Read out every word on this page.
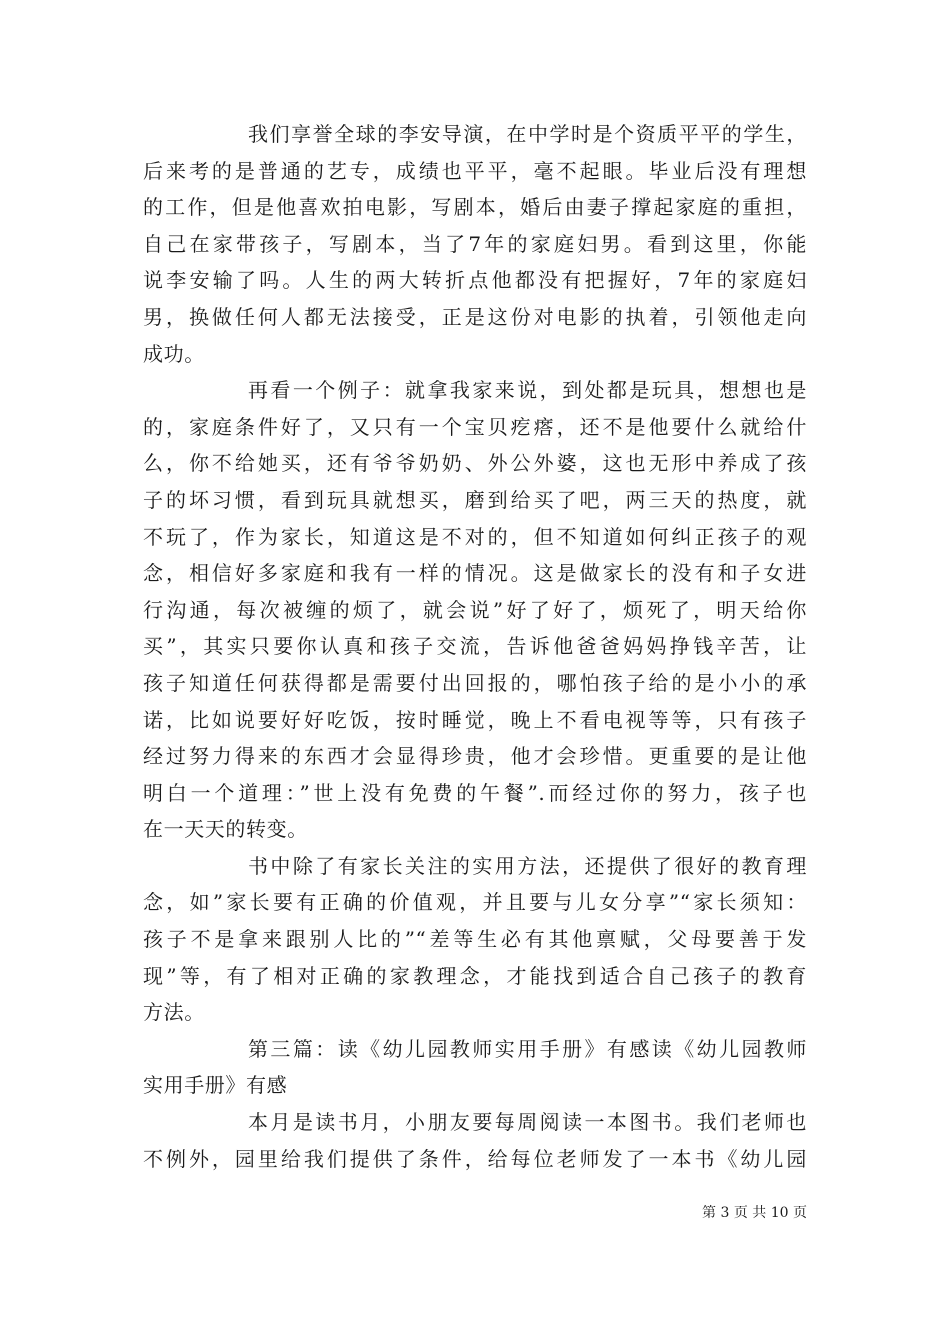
我们享誉全球的李安导演，在中学时是个资质平平的学生，
后来考的是普通的艺专，成绩也平平，毫不起眼。毕业后没有理想
的工作，但是他喜欢拍电影，写剧本，婚后由妻子撑起家庭的重担，
自己在家带孩子，写剧本，当了7年的家庭妇男。看到这里，你能
说李安输了吗。人生的两大转折点他都没有把握好，7年的家庭妇
男，换做任何人都无法接受，正是这份对电影的执着，引领他走向
成功。
再看一个例子：就拿我家来说，到处都是玩具，想想也是
的，家庭条件好了，又只有一个宝贝疙瘩，还不是他要什么就给什
么，你不给她买，还有爷爷奶奶、外公外婆，这也无形中养成了孩
子的坏习惯，看到玩具就想买，磨到给买了吧，两三天的热度，就
不玩了，作为家长，知道这是不对的，但不知道如何纠正孩子的观
念，相信好多家庭和我有一样的情况。这是做家长的没有和子女进
行沟通，每次被缠的烦了，就会说”好了好了，烦死了，明天给你
买”，其实只要你认真和孩子交流，告诉他爸爸妈妈挣钱辛苦，让
孩子知道任何获得都是需要付出回报的，哪怕孩子给的是小小的承
诺，比如说要好好吃饭，按时睡觉，晚上不看电视等等，只有孩子
经过努力得来的东西才会显得珍贵，他才会珍惜。更重要的是让他
明白一个道理：”世上没有免费的午餐”.而经过你的努力，孩子也
在一天天的转变。
书中除了有家长关注的实用方法，还提供了很好的教育理
念，如”家长要有正确的价值观，并且要与儿女分享”“家长须知：
孩子不是拿来跟别人比的”“差等生必有其他禀赋，父母要善于发
现”等，有了相对正确的家教理念，才能找到适合自己孩子的教育
方法。
第三篇：读《幼儿园教师实用手册》有感读《幼儿园教师
实用手册》有感
本月是读书月，小朋友要每周阅读一本图书。我们老师也
不例外，园里给我们提供了条件，给每位老师发了一本书《幼儿园
第 3 页 共 10 页
